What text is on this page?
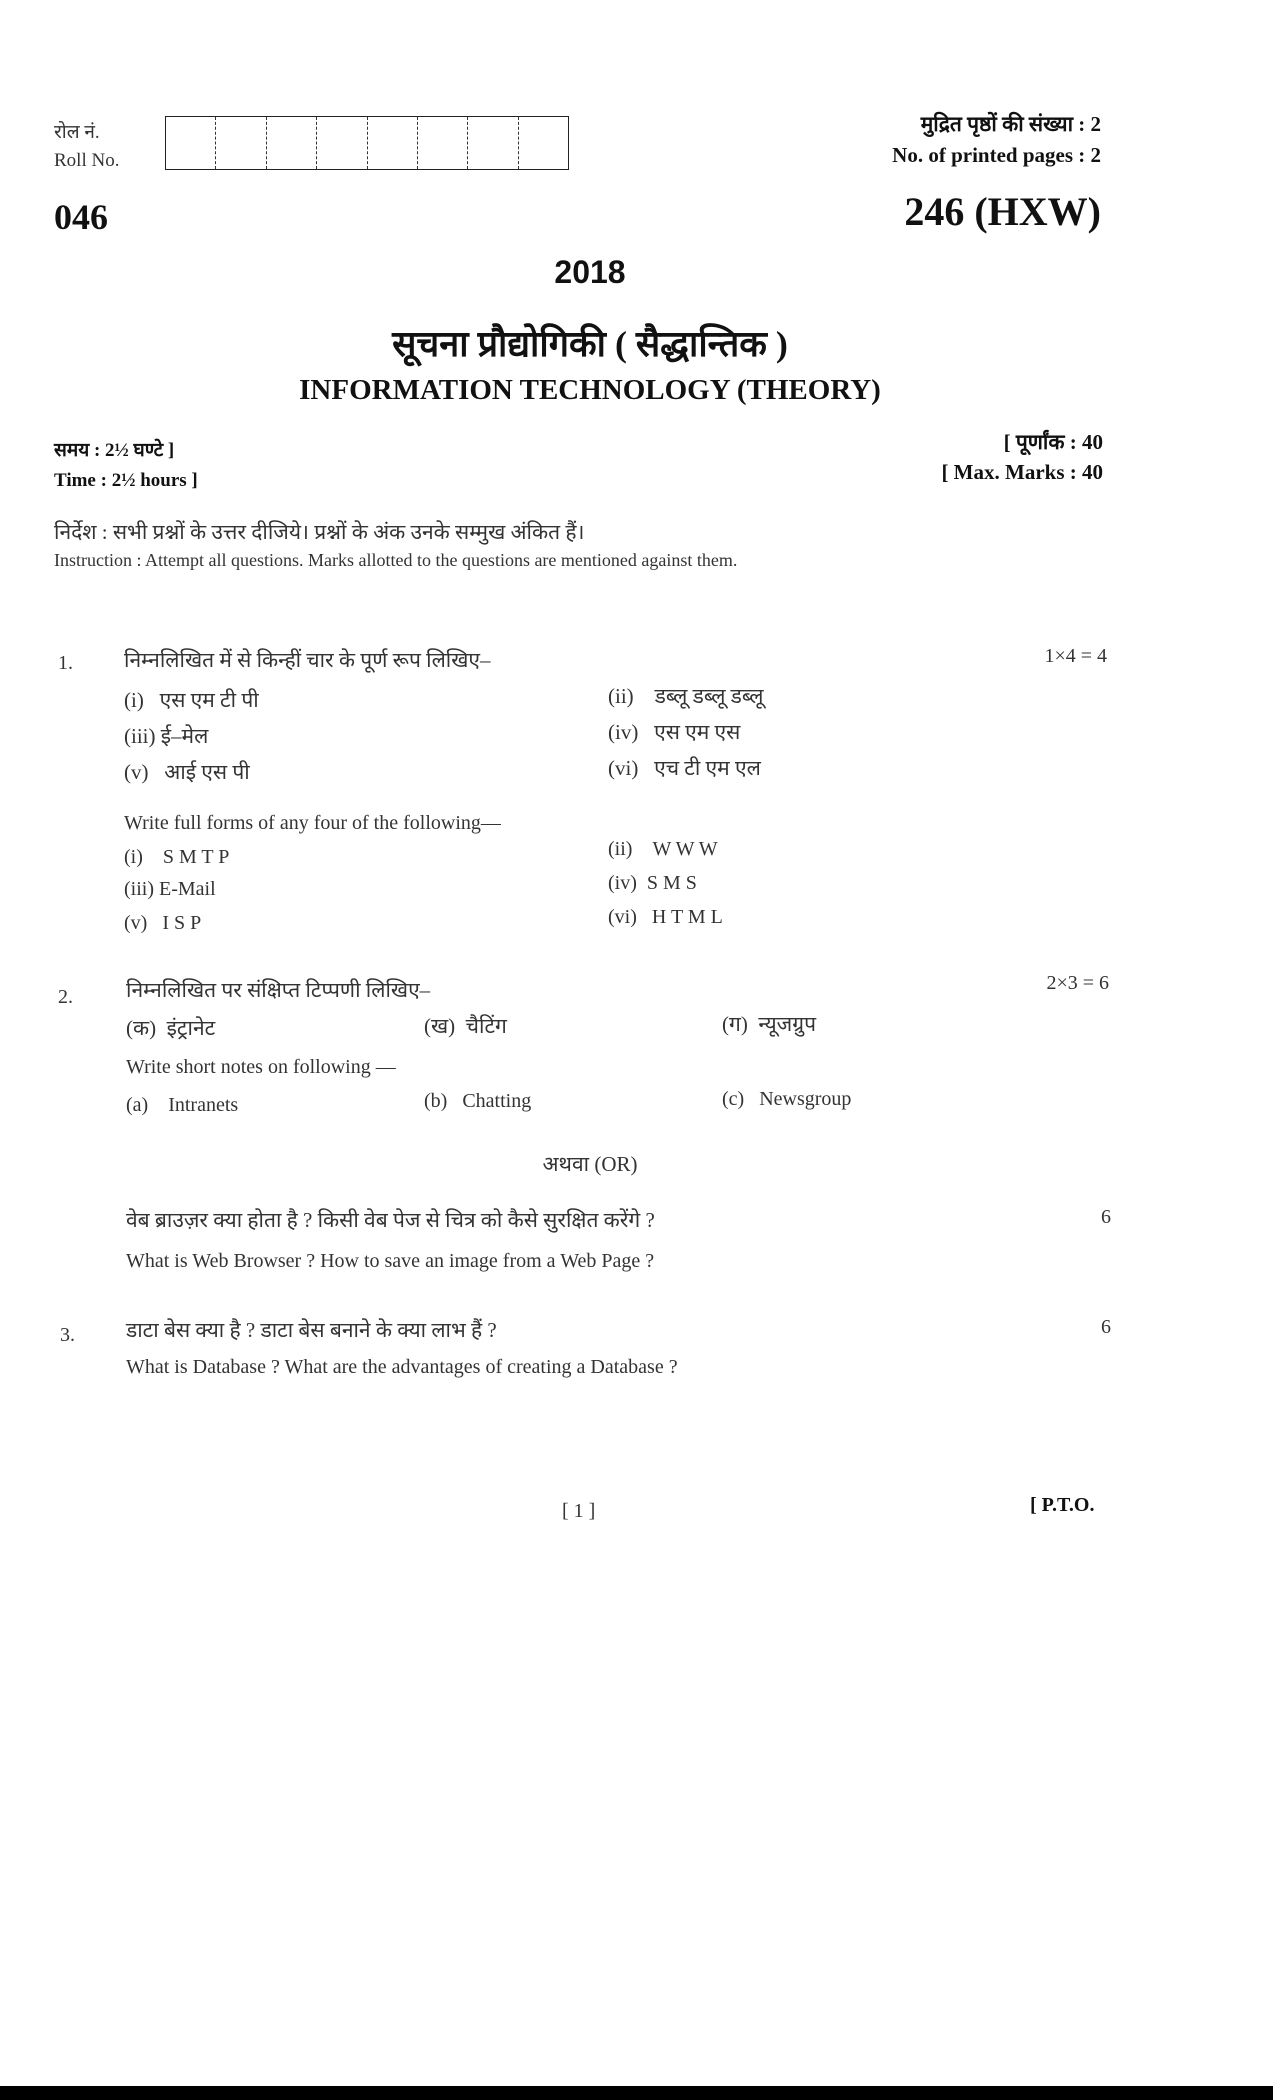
रोल नं.
Roll No.
046
मुद्रित पृष्ठों की संख्या : 2
No. of printed pages : 2
246 (HXW)
2018
सूचना प्रौद्योगिकी ( सैद्धान्तिक )
INFORMATION TECHNOLOGY (THEORY)
समय : 2½ घण्टे ]
Time : 2½ hours ]
[ पूर्णांक : 40
[ Max. Marks : 40
निर्देश : सभी प्रश्नों के उत्तर दीजिये। प्रश्नों के अंक उनके सम्मुख अंकित हैं।
Instruction : Attempt all questions. Marks allotted to the questions are mentioned against them.
1. निम्नलिखित में से किन्हीं चार के पूर्ण रूप लिखिए–	1×4 = 4
(i) एस एम टी पी	(ii) डब्लू डब्लू डब्लू
(iii) ई–मेल	(iv) एस एम एस
(v) आई एस पी	(vi) एच टी एम एल
Write full forms of any four of the following—
(i) S M T P	(ii) W W W
(iii) E-Mail	(iv) S M S
(v) I S P	(vi) H T M L
2.	निम्नलिखित पर संक्षिप्त टिप्पणी लिखिए–	2×3 = 6
(क) इंट्रानेट	(ख) चैटिंग	(ग) न्यूजग्रुप
Write short notes on following —
(a) Intranets	(b) Chatting	(c) Newsgroup
अथवा (OR)
वेब ब्राउज़र क्या होता है ? किसी वेब पेज से चित्र को कैसे सुरक्षित करेंगे ?	6
What is Web Browser ? How to save an image from a Web Page ?
3. डाटा बेस क्या है ? डाटा बेस बनाने के क्या लाभ हैं ?	6
What is Database ? What are the advantages of creating a Database ?
[ 1 ]	[ P.T.O.
